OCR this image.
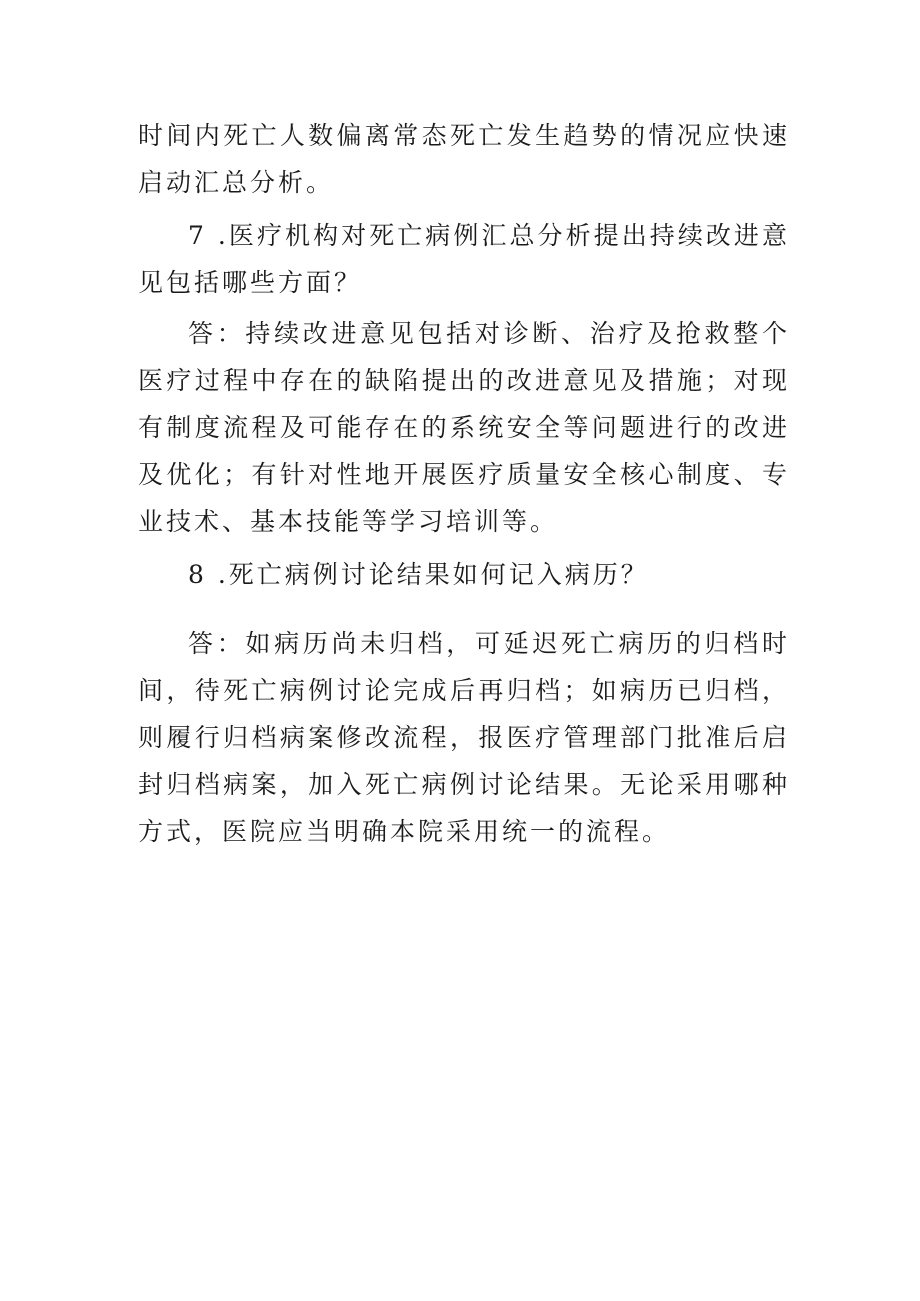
时间内死亡人数偏离常态死亡发生趋势的情况应快速启动汇总分析。

7 .医疗机构对死亡病例汇总分析提出持续改进意见包括哪些方面？

答：持续改进意见包括对诊断、治疗及抢救整个医疗过程中存在的缺陷提出的改进意见及措施；对现有制度流程及可能存在的系统安全等问题进行的改进及优化；有针对性地开展医疗质量安全核心制度、专业技术、基本技能等学习培训等。

8 .死亡病例讨论结果如何记入病历？

答：如病历尚未归档，可延迟死亡病历的归档时间，待死亡病例讨论完成后再归档；如病历已归档，则履行归档病案修改流程，报医疗管理部门批准后启封归档病案，加入死亡病例讨论结果。无论采用哪种方式，医院应当明确本院采用统一的流程。
